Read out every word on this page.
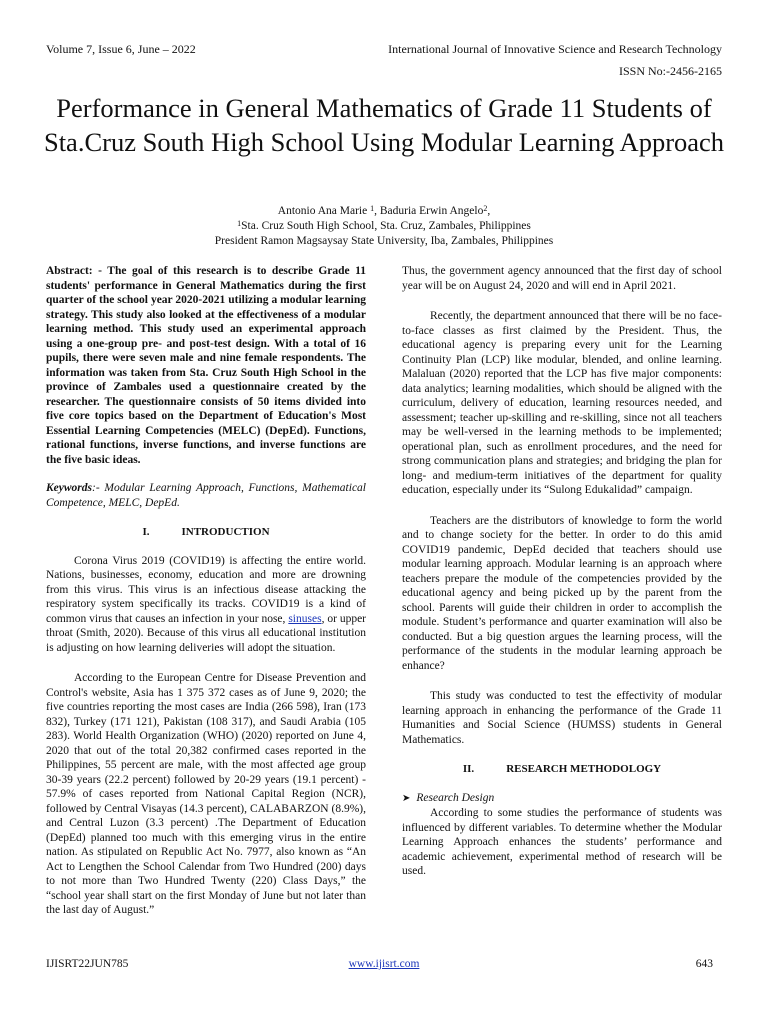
Volume 7, Issue 6, June – 2022	International Journal of Innovative Science and Research Technology
ISSN No:-2456-2165
Performance in General Mathematics of Grade 11 Students of Sta.Cruz South High School Using Modular Learning Approach
Antonio Ana Marie $^1$, Baduria Erwin Angelo$^2$,
$^1$Sta. Cruz South High School, Sta. Cruz, Zambales, Philippines
President Ramon Magsaysay State University, Iba, Zambales, Philippines

Abstract: - The goal of this research is to describe Grade 11 students' performance in General Mathematics during the first quarter of the school year 2020-2021 utilizing a modular learning strategy. This study also looked at the effectiveness of a modular learning method. This study used an experimental approach using a one-group pre- and post-test design. With a total of 16 pupils, there were seven male and nine female respondents. The information was taken from Sta. Cruz South High School in the province of Zambales used a questionnaire created by the researcher. The questionnaire consists of 50 items divided into five core topics based on the Department of Education's Most Essential Learning Competencies (MELC) (DepEd). Functions, rational functions, inverse functions, and inverse functions are the five basic ideas.

Keywords:- Modular Learning Approach, Functions, Mathematical Competence, MELC, DepEd.

I.	INTRODUCTION

Corona Virus 2019 (COVID19) is affecting the entire world. Nations, businesses, economy, education and more are drowning from this virus. This virus is an infectious disease attacking the respiratory system specifically its tracks. COVID19 is a kind of common virus that causes an infection in your nose, sinuses, or upper throat (Smith, 2020). Because of this virus all educational institution is adjusting on how learning deliveries will adopt the situation.

According to the European Centre for Disease Prevention and Control's website, Asia has 1 375 372 cases as of June 9, 2020; the five countries reporting the most cases are India (266 598), Iran (173 832), Turkey (171 121), Pakistan (108 317), and Saudi Arabia (105 283). World Health Organization (WHO) (2020) reported on June 4, 2020 that out of the total 20,382 confirmed cases reported in the Philippines, 55 percent are male, with the most affected age group 30-39 years (22.2 percent) followed by 20-29 years (19.1 percent) - 57.9% of cases reported from National Capital Region (NCR), followed by Central Visayas (14.3 percent), CALABARZON (8.9%), and Central Luzon (3.3 percent) .The Department of Education (DepEd) planned too much with this emerging virus in the entire nation. As stipulated on Republic Act No. 7977, also known as “An Act to Lengthen the School Calendar from Two Hundred (200) days to not more than Two Hundred Twenty (220) Class Days,” the “school year shall start on the first Monday of June but not later than the last day of August.”

Thus, the government agency announced that the first day of school year will be on August 24, 2020 and will end in April 2021.

Recently, the department announced that there will be no face-to-face classes as first claimed by the President. Thus, the educational agency is preparing every unit for the Learning Continuity Plan (LCP) like modular, blended, and online learning. Malaluan (2020) reported that the LCP has five major components: data analytics; learning modalities, which should be aligned with the curriculum, delivery of education, learning resources needed, and assessment; teacher up-skilling and re-skilling, since not all teachers may be well-versed in the learning methods to be implemented; operational plan, such as enrollment procedures, and the need for strong communication plans and strategies; and bridging the plan for long- and medium-term initiatives of the department for quality education, especially under its “Sulong Edukalidad” campaign.

Teachers are the distributors of knowledge to form the world and to change society for the better. In order to do this amid COVID19 pandemic, DepEd decided that teachers should use modular learning approach. Modular learning is an approach where teachers prepare the module of the competencies provided by the educational agency and being picked up by the parent from the school. Parents will guide their children in order to accomplish the module. Student’s performance and quarter examination will also be conducted. But a big question argues the learning process, will the performance of the students in the modular learning approach be enhance?

This study was conducted to test the effectivity of modular learning approach in enhancing the performance of the Grade 11 Humanities and Social Science (HUMSS) students in General Mathematics.

II.	RESEARCH METHODOLOGY

➤ Research Design

According to some studies the performance of students was influenced by different variables. To determine whether the Modular Learning Approach enhances the students’ performance and academic achievement, experimental method of research will be used.

IJISRT22JUN785	www.ijisrt.com	643
